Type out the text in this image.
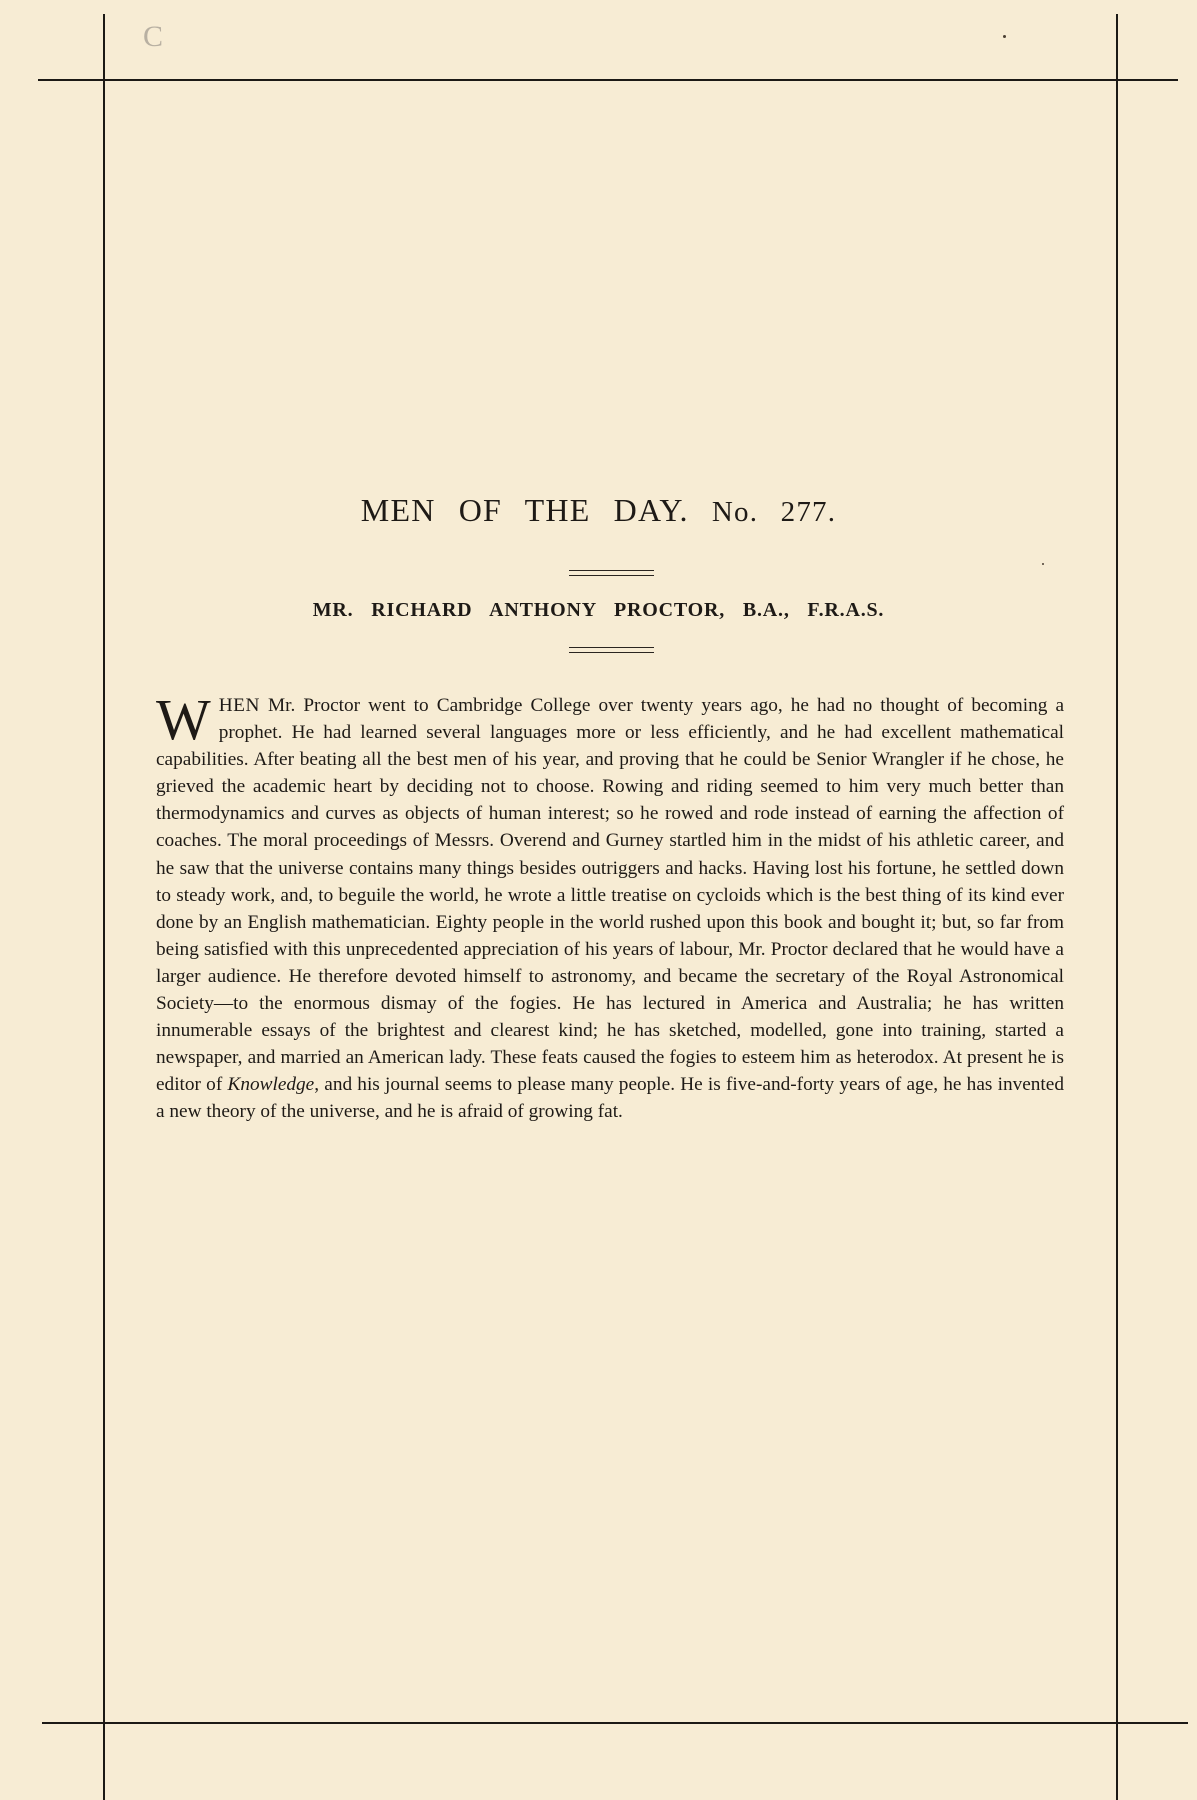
C
MEN OF THE DAY. No. 277.
MR. RICHARD ANTHONY PROCTOR, B.A., F.R.A.S.

WHEN Mr. Proctor went to Cambridge College over twenty years ago, he had no thought of becoming a prophet. He had learned several languages more or less efficiently, and he had excellent mathematical capabilities. After beating all the best men of his year, and proving that he could be Senior Wrangler if he chose, he grieved the academic heart by deciding not to choose. Rowing and riding seemed to him very much better than thermodynamics and curves as objects of human interest; so he rowed and rode instead of earning the affection of coaches. The moral proceedings of Messrs. Overend and Gurney startled him in the midst of his athletic career, and he saw that the universe contains many things besides outriggers and hacks. Having lost his fortune, he settled down to steady work, and, to beguile the world, he wrote a little treatise on cycloids which is the best thing of its kind ever done by an English mathematician. Eighty people in the world rushed upon this book and bought it; but, so far from being satisfied with this unprecedented appreciation of his years of labour, Mr. Proctor declared that he would have a larger audience. He therefore devoted himself to astronomy, and became the secretary of the Royal Astronomical Society—to the enormous dismay of the fogies. He has lectured in America and Australia; he has written innumerable essays of the brightest and clearest kind; he has sketched, modelled, gone into training, started a newspaper, and married an American lady. These feats caused the fogies to esteem him as heterodox. At present he is editor of Knowledge, and his journal seems to please many people. He is five-and-forty years of age, he has invented a new theory of the universe, and he is afraid of growing fat.
